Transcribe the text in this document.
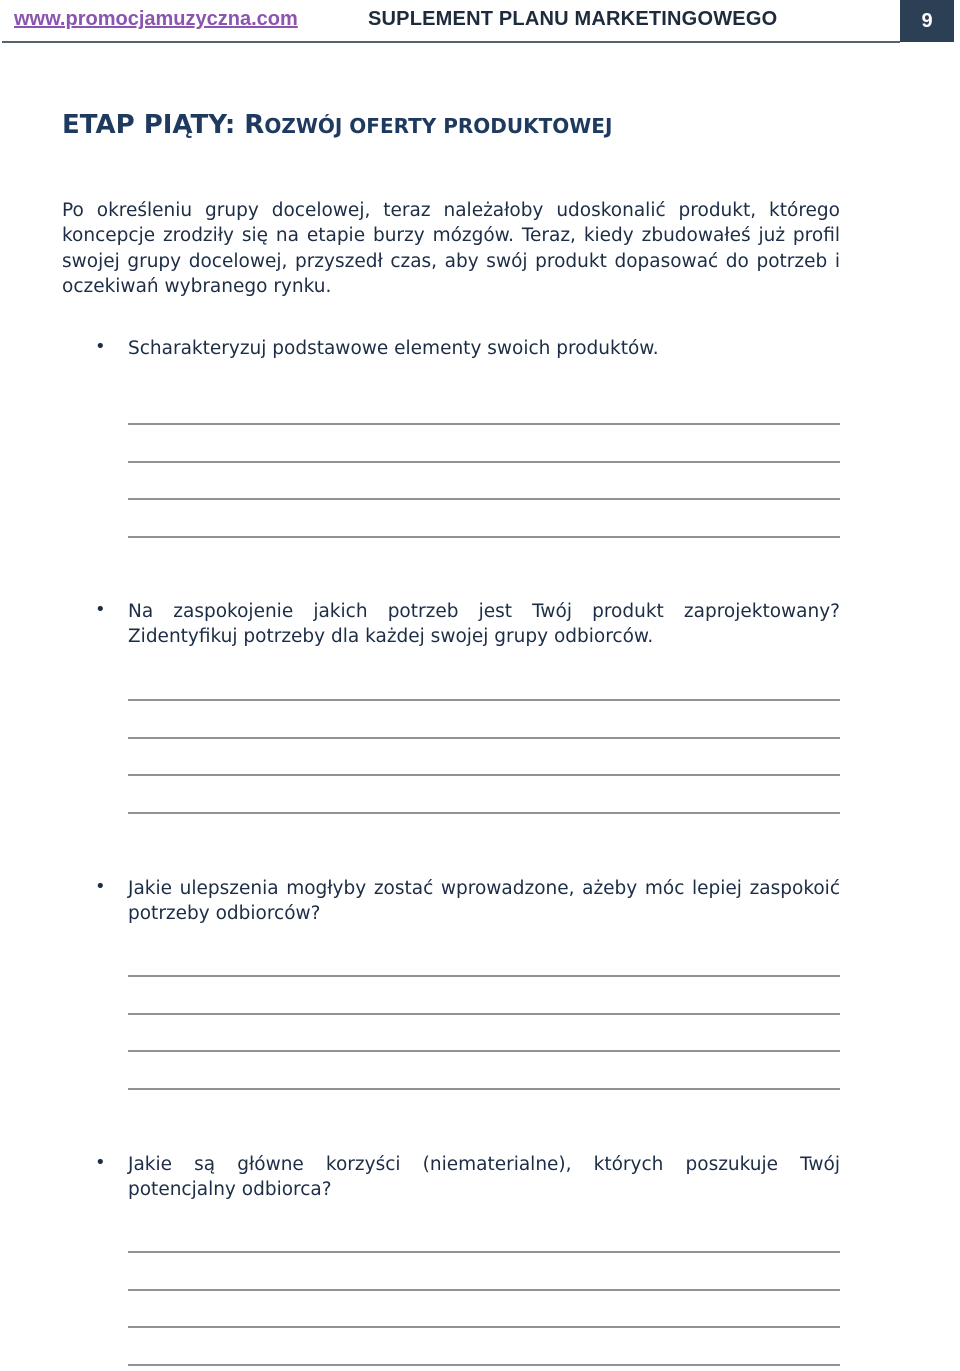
www.promocjamuzyczna.com	SUPLEMENT PLANU MARKETINGOWEGO	9
ETAP PIĄTY: ROZWÓJ OFERTY PRODUKTOWEJ
Po określeniu grupy docelowej, teraz należałoby udoskonalić produkt, którego koncepcje zrodziły się na etapie burzy mózgów. Teraz, kiedy zbudowałeś już profil swojej grupy docelowej, przyszedł czas, aby swój produkt dopasować do potrzeb i oczekiwań wybranego rynku.
• Scharakteryzuj podstawowe elementy swoich produktów.
• Na zaspokojenie jakich potrzeb jest Twój produkt zaprojektowany? Zidentyfikuj potrzeby dla każdej swojej grupy odbiorców.
• Jakie ulepszenia mogłyby zostać wprowadzone, ażeby móc lepiej zaspokoić potrzeby odbiorców?
• Jakie są główne korzyści (niematerialne), których poszukuje Twój potencjalny odbiorca?
